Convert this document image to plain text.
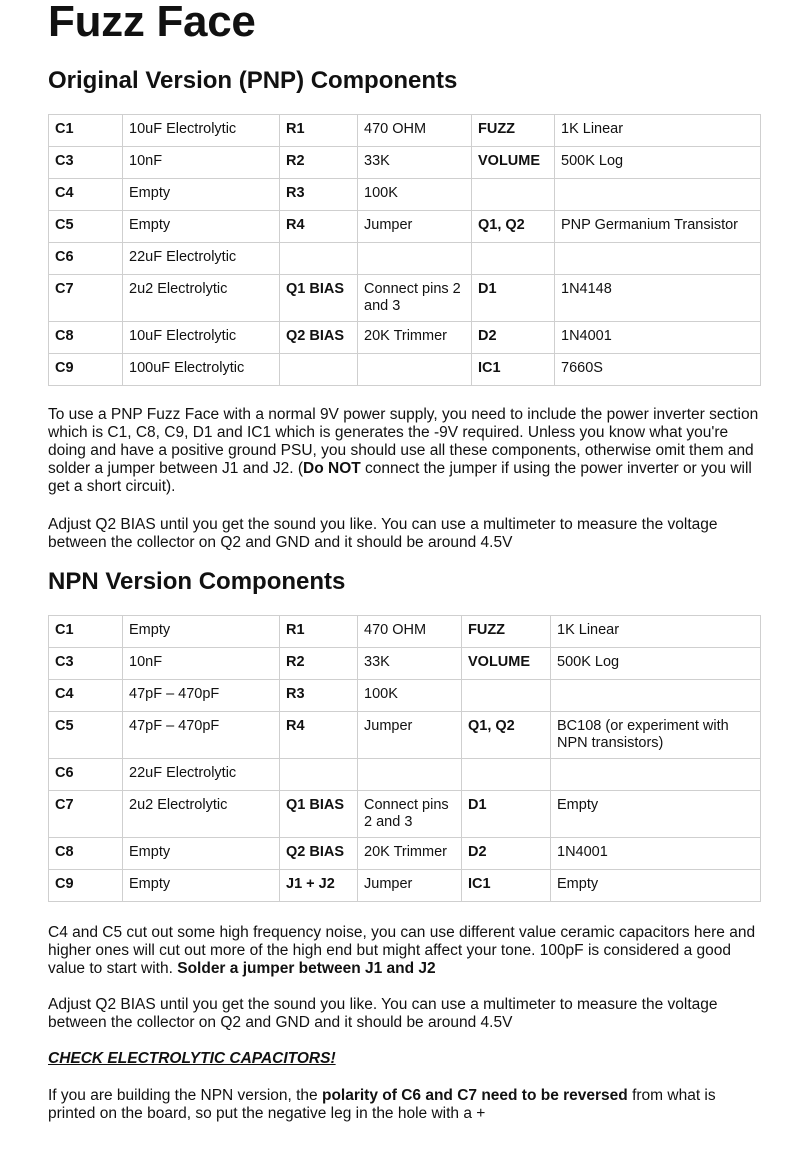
Fuzz Face
Original Version (PNP) Components
C1	10uF Electrolytic	R1	470 OHM	FUZZ	1K Linear
C3	10nF	R2	33K	VOLUME	500K Log
C4	Empty	R3	100K		
C5	Empty	R4	Jumper	Q1, Q2	PNP Germanium Transistor
C6	22uF Electrolytic				
C7	2u2 Electrolytic	Q1 BIAS	Connect pins 2 and 3	D1	1N4148
C8	10uF Electrolytic	Q2 BIAS	20K Trimmer	D2	1N4001
C9	100uF Electrolytic			IC1	7660S

To use a PNP Fuzz Face with a normal 9V power supply, you need to include the power inverter section which is C1, C8, C9, D1 and IC1 which is generates the -9V required. Unless you know what you're doing and have a positive ground PSU, you should use all these components, otherwise omit them and solder a jumper between J1 and J2. (Do NOT connect the jumper if using the power inverter or you will get a short circuit).

Adjust Q2 BIAS until you get the sound you like. You can use a multimeter to measure the voltage between the collector on Q2 and GND and it should be around 4.5V

NPN Version Components
C1	Empty	R1	470 OHM	FUZZ	1K Linear
C3	10nF	R2	33K	VOLUME	500K Log
C4	47pF – 470pF	R3	100K		
C5	47pF – 470pF	R4	Jumper	Q1, Q2	BC108 (or experiment with NPN transistors)
C6	22uF Electrolytic				
C7	2u2 Electrolytic	Q1 BIAS	Connect pins 2 and 3	D1	Empty
C8	Empty	Q2 BIAS	20K Trimmer	D2	1N4001
C9	Empty	J1 + J2	Jumper	IC1	Empty

C4 and C5 cut out some high frequency noise, you can use different value ceramic capacitors here and higher ones will cut out more of the high end but might affect your tone. 100pF is considered a good value to start with. Solder a jumper between J1 and J2

Adjust Q2 BIAS until you get the sound you like. You can use a multimeter to measure the voltage between the collector on Q2 and GND and it should be around 4.5V

CHECK ELECTROLYTIC CAPACITORS!

If you are building the NPN version, the polarity of C6 and C7 need to be reversed from what is printed on the board, so put the negative leg in the hole with a +
